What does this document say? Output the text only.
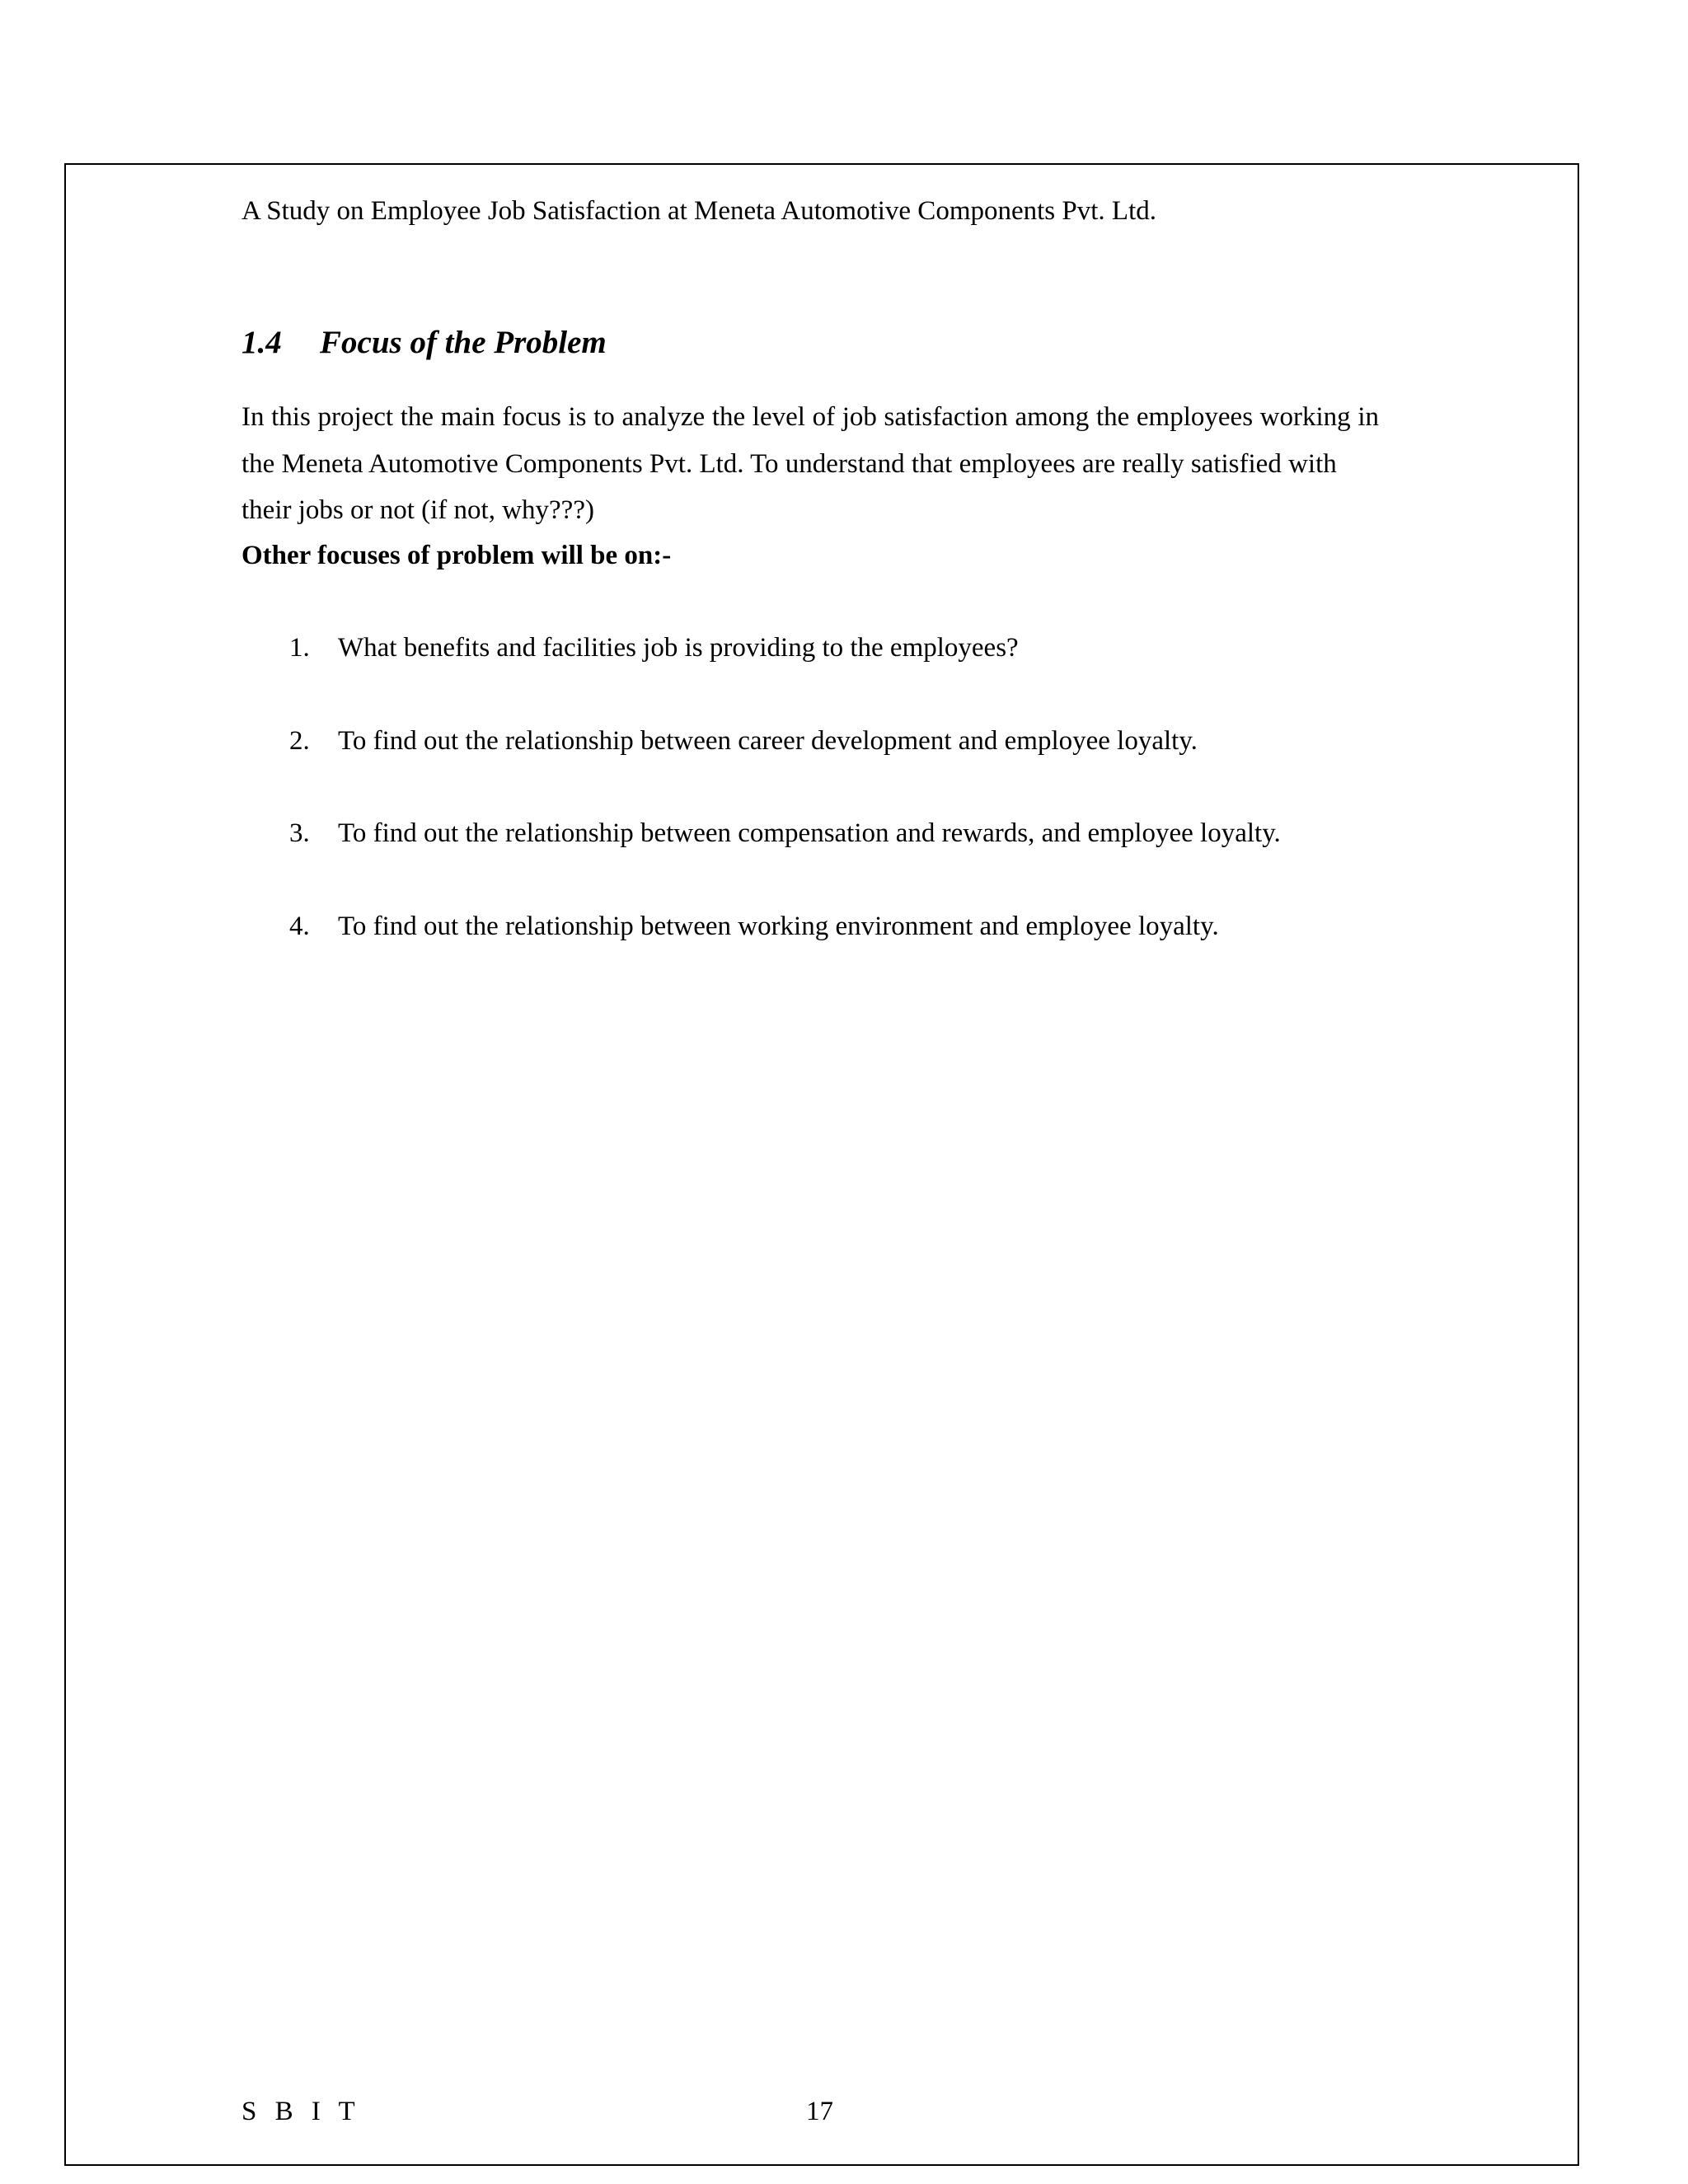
A Study on Employee Job Satisfaction at Meneta Automotive Components Pvt. Ltd.
1.4 Focus of the Problem

In this project the main focus is to analyze the level of job satisfaction among the employees working in the Meneta Automotive Components Pvt. Ltd. To understand that employees are really satisfied with
their jobs or not (if not, why???)

Other focuses of problem will be on:-
1. What benefits and facilities job is providing to the employees?
2. To find out the relationship between career development and employee loyalty.
3. To find out the relationship between compensation and rewards, and employee loyalty.
4. To find out the relationship between working environment and employee loyalty.
S B I T	17
